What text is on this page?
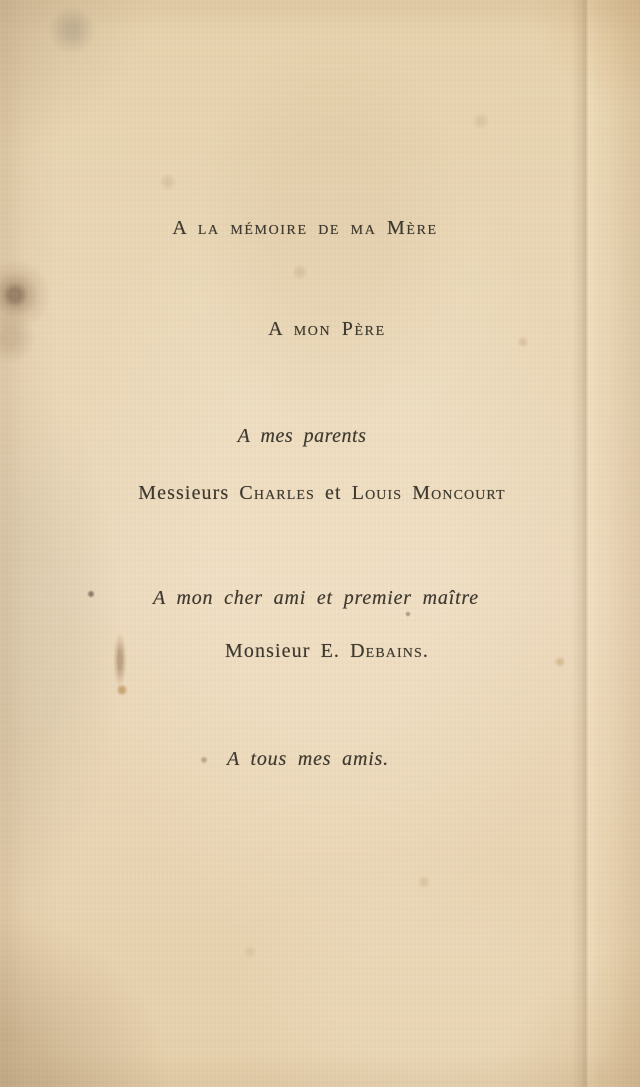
A la mémoire de ma Mère
A mon Père
A mes parents
Messieurs Charles et Louis Moncourt
A mon cher ami et premier maître
Monsieur E. Debains.
A tous mes amis.
